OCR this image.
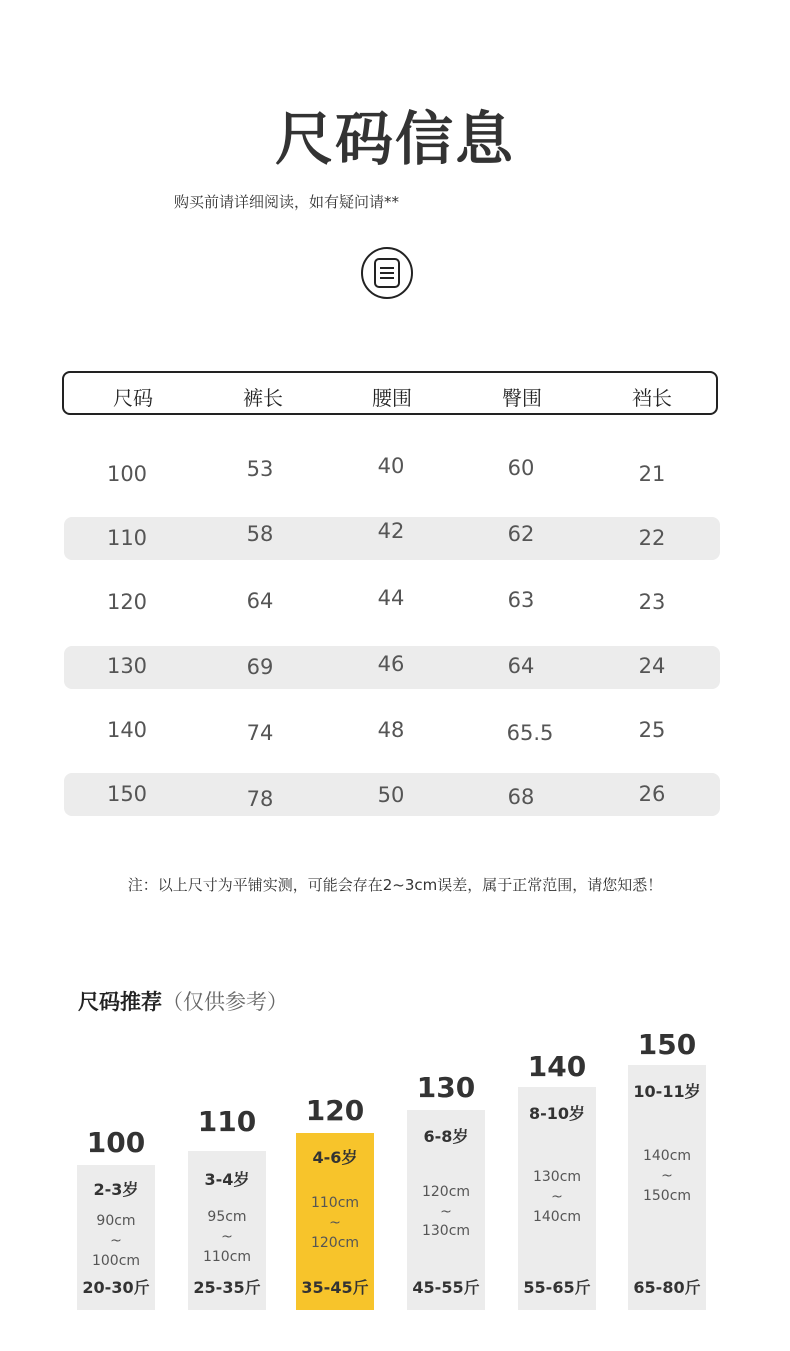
尺码信息
购买前请详细阅读，如有疑问请**
尺码	裤长	腰围	臀围	裆长
100	53	40	60	21
110	58	42	62	22
120	64	44	63	23
130	69	46	64	24
140	74	48	65.5	25
150	78	50	68	26
注：以上尺寸为平铺实测，可能会存在2~3cm误差，属于正常范围，请您知悉！
尺码推荐（仅供参考）
100
2-3岁
90cm
~
100cm
20-30斤
110
3-4岁
95cm
~
110cm
25-35斤
120
4-6岁
110cm
~
120cm
35-45斤
130
6-8岁
120cm
~
130cm
45-55斤
140
8-10岁
130cm
~
140cm
55-65斤
150
10-11岁
140cm
~
150cm
65-80斤
